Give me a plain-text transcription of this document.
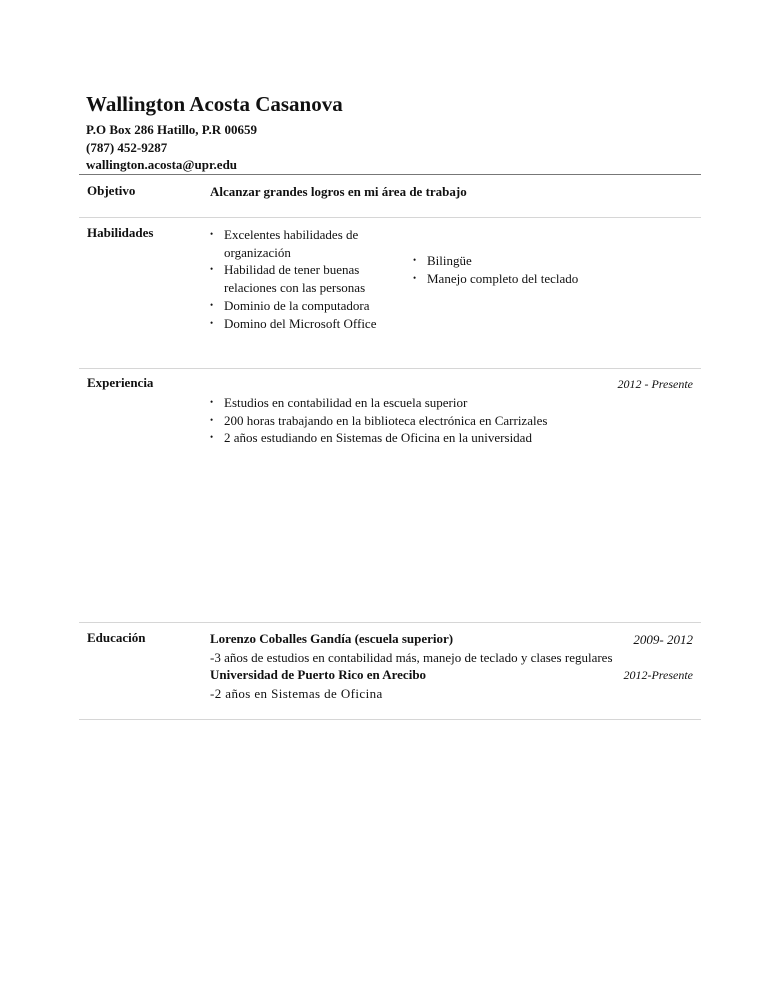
Wallington Acosta Casanova
P.O Box 286 Hatillo, P.R 00659
(787) 452-9287
wallington.acosta@upr.edu
Objetivo	Alcanzar grandes logros en mi área de trabajo
Habilidades
•	Excelentes habilidades de organización
• Habilidad de tener buenas relaciones con las personas
• Dominio de la computadora
• Domino del Microsoft Office
• Bilingüe
• Manejo completo del teclado
Experiencia	2012 - Presente
• Estudios en contabilidad en la escuela superior
• 200 horas trabajando en la biblioteca electrónica en Carrizales
• 2 años estudiando en Sistemas de Oficina en la universidad
Educación	Lorenzo Coballes Gandía (escuela superior)	2009- 2012
-3 años de estudios en contabilidad más, manejo de teclado y clases regulares
Universidad de Puerto Rico en Arecibo	2012-Presente
-2 años en Sistemas de Oficina
